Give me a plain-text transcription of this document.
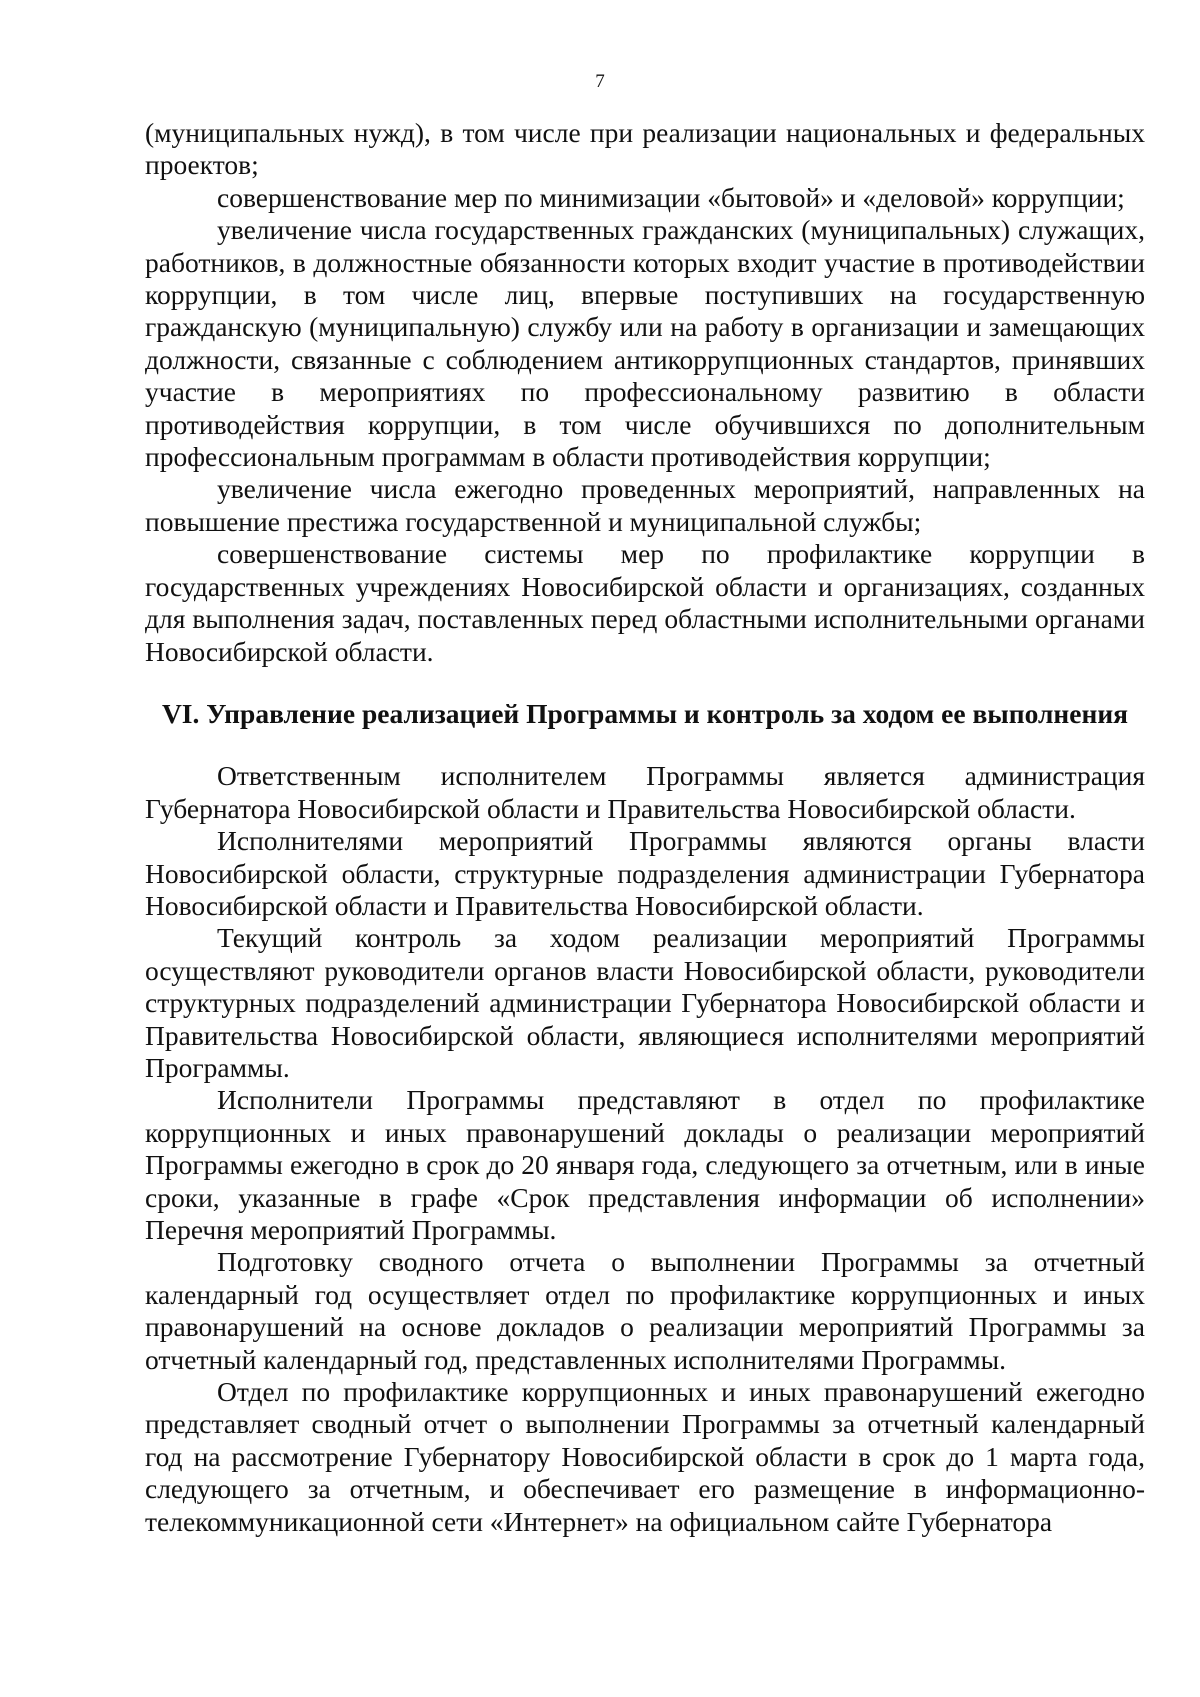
7

(муниципальных нужд), в том числе при реализации национальных и федеральных проектов;

совершенствование мер по минимизации «бытовой» и «деловой» коррупции;

увеличение числа государственных гражданских (муниципальных) служащих, работников, в должностные обязанности которых входит участие в противодействии коррупции, в том числе лиц, впервые поступивших на государственную гражданскую (муниципальную) службу или на работу в организации и замещающих должности, связанные с соблюдением антикоррупционных стандартов, принявших участие в мероприятиях по профессиональному развитию в области противодействия коррупции, в том числе обучившихся по дополнительным профессиональным программам в области противодействия коррупции;

увеличение числа ежегодно проведенных мероприятий, направленных на повышение престижа государственной и муниципальной службы;

совершенствование системы мер по профилактике коррупции в государственных учреждениях Новосибирской области и организациях, созданных для выполнения задач, поставленных перед областными исполнительными органами Новосибирской области.

VI. Управление реализацией Программы и контроль за ходом ее выполнения

Ответственным исполнителем Программы является администрация Губернатора Новосибирской области и Правительства Новосибирской области.

Исполнителями мероприятий Программы являются органы власти Новосибирской области, структурные подразделения администрации Губернатора Новосибирской области и Правительства Новосибирской области.

Текущий контроль за ходом реализации мероприятий Программы осуществляют руководители органов власти Новосибирской области, руководители структурных подразделений администрации Губернатора Новосибирской области и Правительства Новосибирской области, являющиеся исполнителями мероприятий Программы.

Исполнители Программы представляют в отдел по профилактике коррупционных и иных правонарушений доклады о реализации мероприятий Программы ежегодно в срок до 20 января года, следующего за отчетным, или в иные сроки, указанные в графе «Срок представления информации об исполнении» Перечня мероприятий Программы.

Подготовку сводного отчета о выполнении Программы за отчетный календарный год осуществляет отдел по профилактике коррупционных и иных правонарушений на основе докладов о реализации мероприятий Программы за отчетный календарный год, представленных исполнителями Программы.

Отдел по профилактике коррупционных и иных правонарушений ежегодно представляет сводный отчет о выполнении Программы за отчетный календарный год на рассмотрение Губернатору Новосибирской области в срок до 1 марта года, следующего за отчетным, и обеспечивает его размещение в информационно-телекоммуникационной сети «Интернет» на официальном сайте Губернатора
